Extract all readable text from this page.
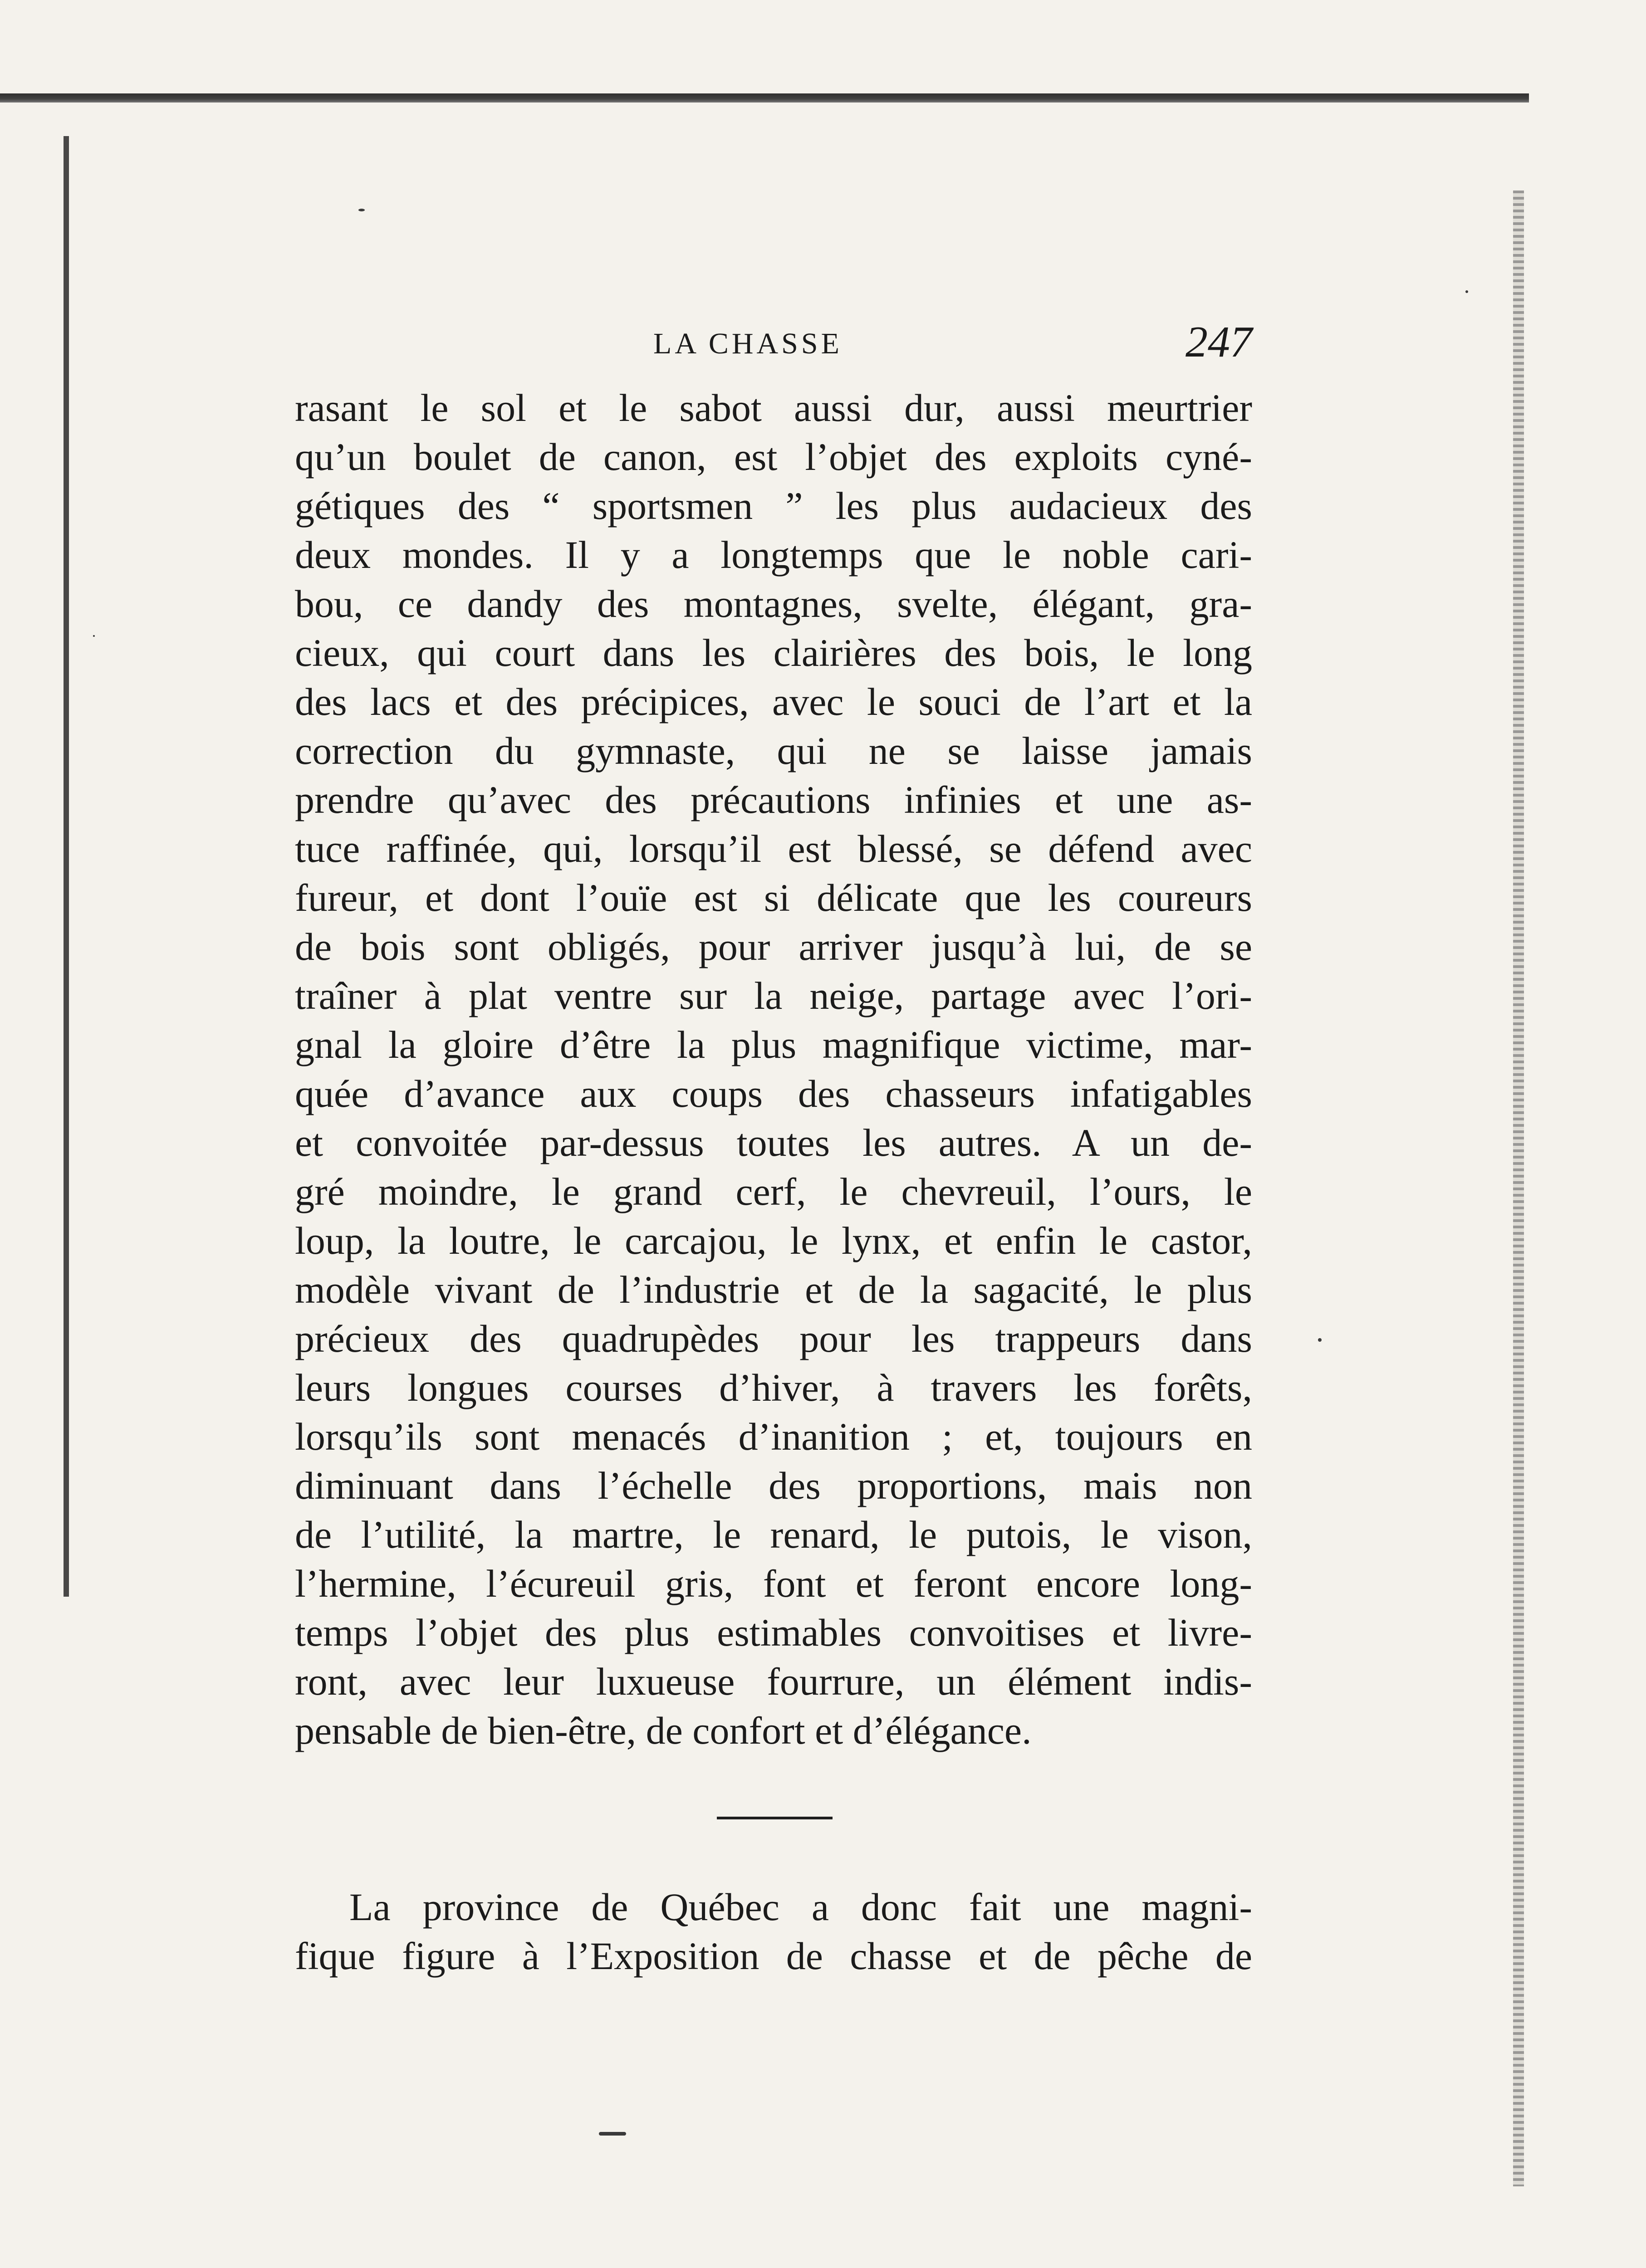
LA CHASSE	247
rasant le sol et le sabot aussi dur, aussi meurtrier
qu’un boulet de canon, est l’objet des exploits cyné-
gétiques des “ sportsmen ” les plus audacieux des
deux mondes. Il y a longtemps que le noble cari-
bou, ce dandy des montagnes, svelte, élégant, gra-
cieux, qui court dans les clairières des bois, le long
des lacs et des précipices, avec le souci de l’art et la
correction du gymnaste, qui ne se laisse jamais
prendre qu’avec des précautions infinies et une as-
tuce raffinée, qui, lorsqu’il est blessé, se défend avec
fureur, et dont l’ouïe est si délicate que les coureurs
de bois sont obligés, pour arriver jusqu’à lui, de se
traîner à plat ventre sur la neige, partage avec l’ori-
gnal la gloire d’être la plus magnifique victime, mar-
quée d’avance aux coups des chasseurs infatigables
et convoitée par-dessus toutes les autres. A un de-
gré moindre, le grand cerf, le chevreuil, l’ours, le
loup, la loutre, le carcajou, le lynx, et enfin le castor,
modèle vivant de l’industrie et de la sagacité, le plus
précieux des quadrupèdes pour les trappeurs dans
leurs longues courses d’hiver, à travers les forêts,
lorsqu’ils sont menacés d’inanition ; et, toujours en
diminuant dans l’échelle des proportions, mais non
de l’utilité, la martre, le renard, le putois, le vison,
l’hermine, l’écureuil gris, font et feront encore long-
temps l’objet des plus estimables convoitises et livre-
ront, avec leur luxueuse fourrure, un élément indis-
pensable de bien-être, de confort et d’élégance.
La province de Québec a donc fait une magni-
fique figure à l’Exposition de chasse et de pêche de
